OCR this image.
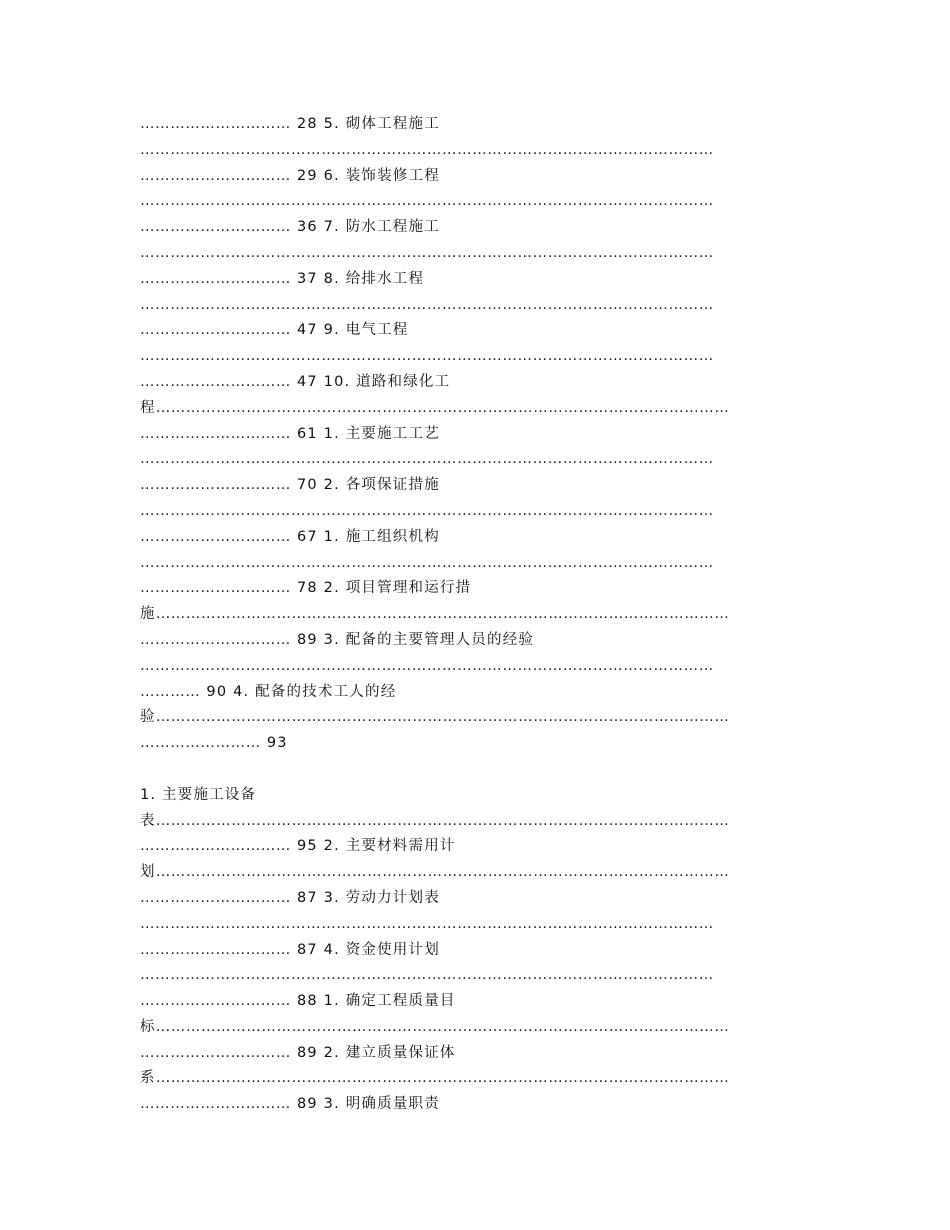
………………………… 28 5. 砌体工程施工
……………………………………………………………………………………………………
………………………… 29 6. 装饰装修工程
……………………………………………………………………………………………………
………………………… 36 7. 防水工程施工
……………………………………………………………………………………………………
………………………… 37 8. 给排水工程
……………………………………………………………………………………………………
………………………… 47 9. 电气工程
……………………………………………………………………………………………………
………………………… 47 10. 道路和绿化工
程……………………………………………………………………………………………………
………………………… 61 1. 主要施工工艺
……………………………………………………………………………………………………
………………………… 70 2. 各项保证措施
……………………………………………………………………………………………………
………………………… 67 1. 施工组织机构
……………………………………………………………………………………………………
………………………… 78 2. 项目管理和运行措
施……………………………………………………………………………………………………
………………………… 89 3. 配备的主要管理人员的经验
……………………………………………………………………………………………………
………… 90 4. 配备的技术工人的经
验……………………………………………………………………………………………………
…………………… 93
1. 主要施工设备
表……………………………………………………………………………………………………
………………………… 95 2. 主要材料需用计
划……………………………………………………………………………………………………
………………………… 87 3. 劳动力计划表
……………………………………………………………………………………………………
………………………… 87 4. 资金使用计划
……………………………………………………………………………………………………
………………………… 88 1. 确定工程质量目
标……………………………………………………………………………………………………
………………………… 89 2. 建立质量保证体
系……………………………………………………………………………………………………
………………………… 89 3. 明确质量职责
